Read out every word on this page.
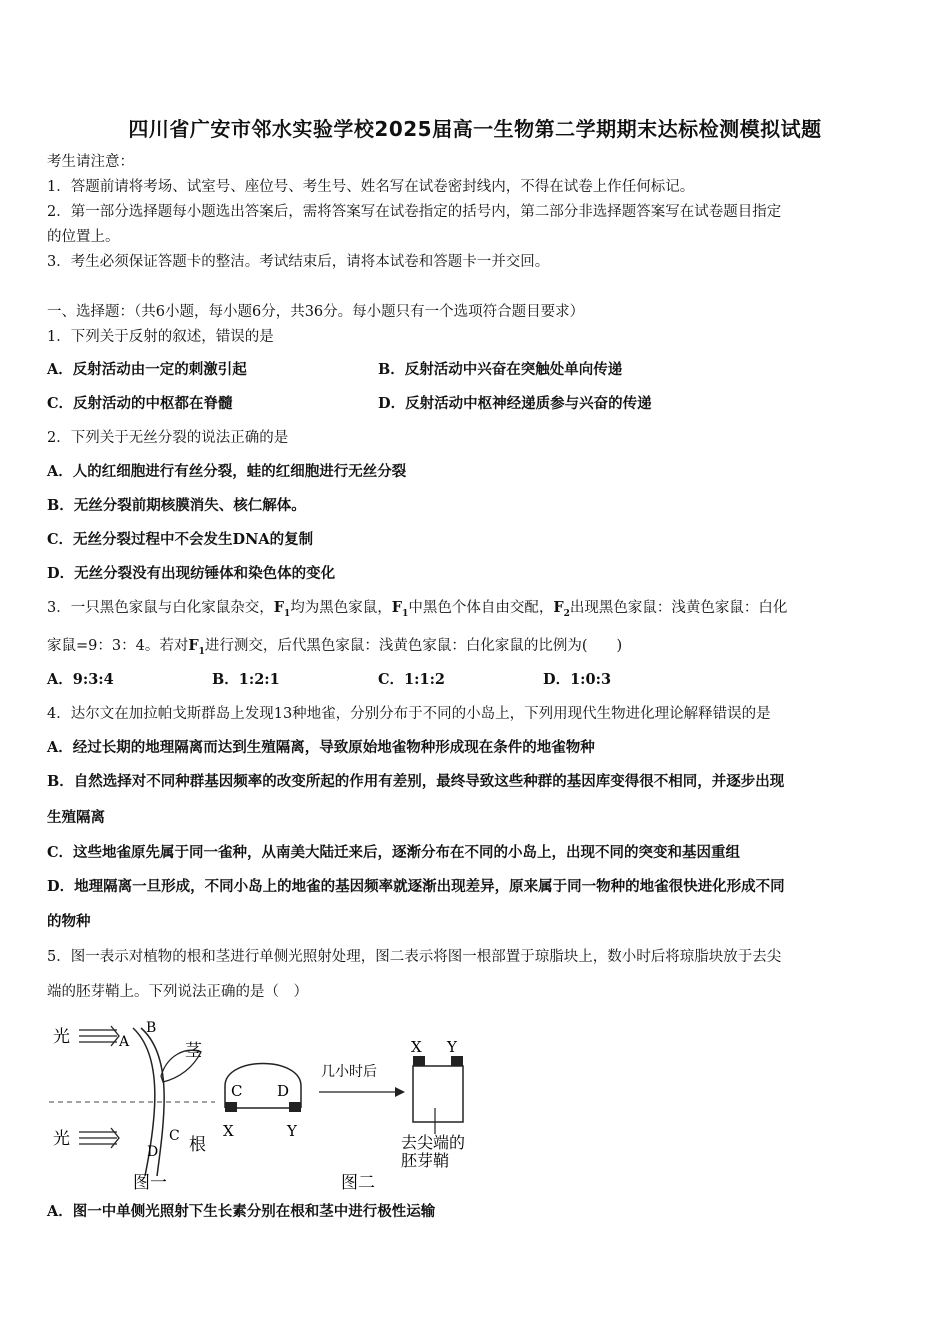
四川省广安市邻水实验学校2025届高一生物第二学期期末达标检测模拟试题
考生请注意：
1．答题前请将考场、试室号、座位号、考生号、姓名写在试卷密封线内，不得在试卷上作任何标记。
2．第一部分选择题每小题选出答案后，需将答案写在试卷指定的括号内，第二部分非选择题答案写在试卷题目指定
的位置上。
3．考生必须保证答题卡的整洁。考试结束后，请将本试卷和答题卡一并交回。
一、选择题：（共6小题，每小题6分，共36分。每小题只有一个选项符合题目要求）
1．下列关于反射的叙述，错误的是
A．反射活动由一定的刺激引起	B．反射活动中兴奋在突触处单向传递
C．反射活动的中枢都在脊髓	D．反射活动中枢神经递质参与兴奋的传递
2．下列关于无丝分裂的说法正确的是
A．人的红细胞进行有丝分裂，蛙的红细胞进行无丝分裂
B．无丝分裂前期核膜消失、核仁解体。
C．无丝分裂过程中不会发生DNA的复制
D．无丝分裂没有出现纺锤体和染色体的变化
3．一只黑色家鼠与白化家鼠杂交，$F_1$均为黑色家鼠，$F_1$中黑色个体自由交配，$F_2$出现黑色家鼠：浅黄色家鼠：白化
家鼠=9：3：4。若对$F_1$进行测交，后代黑色家鼠：浅黄色家鼠：白化家鼠的比例为(　　)
A．9:3:4	B．1:2:1	C．1:1:2	D．1:0:3
4．达尔文在加拉帕戈斯群岛上发现13种地雀，分别分布于不同的小岛上，下列用现代生物进化理论解释错误的是
A．经过长期的地理隔离而达到生殖隔离，导致原始地雀物种形成现在条件的地雀物种
B．自然选择对不同种群基因频率的改变所起的作用有差别，最终导致这些种群的基因库变得很不相同，并逐步出现
生殖隔离
C．这些地雀原先属于同一雀种，从南美大陆迁来后，逐渐分布在不同的小岛上，出现不同的突变和基因重组
D．地理隔离一旦形成，不同小岛上的地雀的基因频率就逐渐出现差异，原来属于同一物种的地雀很快进化形成不同
的物种
5．图一表示对植物的根和茎进行单侧光照射处理，图二表示将图一根部置于琼脂块上，数小时后将琼脂块放于去尖
端的胚芽鞘上。下列说法正确的是（　）
光	A
B
茎
光	C
D 根
图一
C D
X	Y
图二
几小时后
X Y
去尖端的
胚芽鞘
A．图一中单侧光照射下生长素分别在根和茎中进行极性运输
